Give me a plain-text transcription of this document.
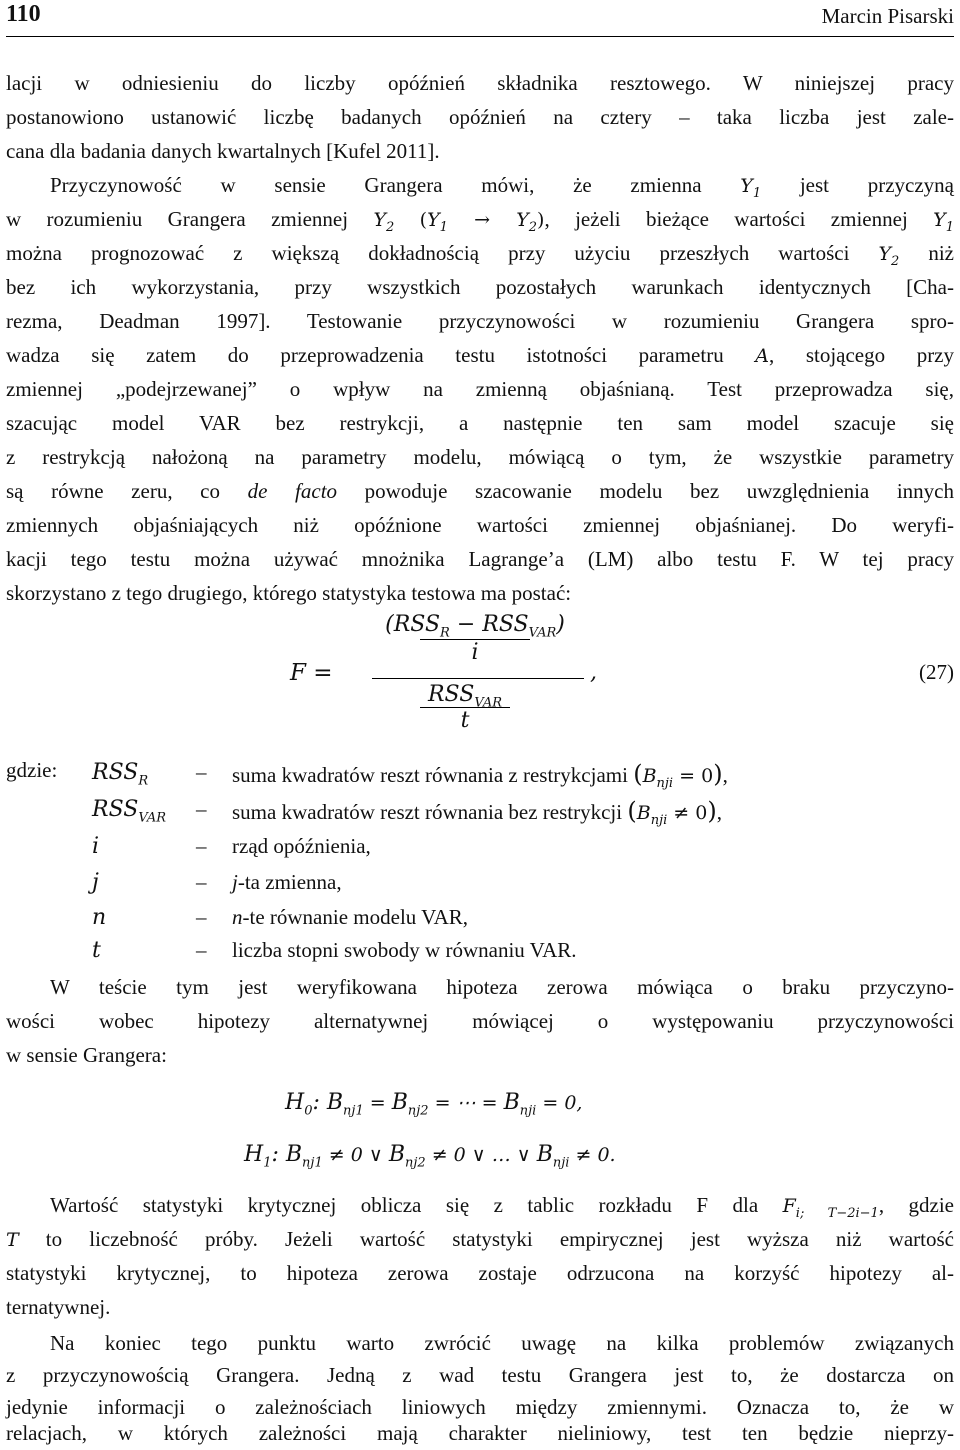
110	Marcin Pisarski
lacji w odniesieniu do liczby opóźnień składnika resztowego. W niniejszej pracy
postanowiono ustanowić liczbę badanych opóźnień na cztery – taka liczba jest zale-
cana dla badania danych kwartalnych [Kufel 2011].
Przyczynowość w sensie Grangera mówi, że zmienna $Y_1$ jest przyczyną
w rozumieniu Grangera zmiennej $Y_2$ $(Y_1 \to Y_2)$, jeżeli bieżące wartości zmiennej $Y_1$
można prognozować z większą dokładnością przy użyciu przeszłych wartości $Y_2$ niż
bez ich wykorzystania, przy wszystkich pozostałych warunkach identycznych [Cha-
rezma, Deadman 1997]. Testowanie przyczynowości w rozumieniu Grangera spro-
wadza się zatem do przeprowadzenia testu istotności parametru A, stojącego przy
zmiennej „podejrzewanej” o wpływ na zmienną objaśnianą. Test przeprowadza się,
szacując model VAR bez restrykcji, a następnie ten sam model szacuje się
z restrykcją nałożoną na parametry modelu, mówiącą o tym, że wszystkie parametry
są równe zeru, co de facto powoduje szacowanie modelu bez uwzględnienia innych
zmiennych objaśniających niż opóźnione wartości zmiennej objaśnianej. Do weryfi-
kacji tego testu można używać mnożnika Lagrange’a (LM) albo testu F. W tej pracy
skorzystano z tego drugiego, którego statystyka testowa ma postać:
F =
$(RSS_R - RSS_{VAR})$
i
,
$RSS_{VAR}$
t
(27)
gdzie: $RSS_R$ – suma kwadratów reszt równania z restrykcjami $(B_{nji} = 0)$,
$RSS_{VAR}$ – suma kwadratów reszt równania bez restrykcji $(B_{nji} \ne 0)$,
i	– rząd opóźnienia,
j	– j-ta zmienna,
n	– n-te równanie modelu VAR,
t	– liczba stopni swobody w równaniu VAR.
W teście tym jest weryfikowana hipoteza zerowa mówiąca o braku przyczyno-
wości wobec hipotezy alternatywnej mówiącej o występowaniu przyczynowości
w sensie Grangera:
$H_0$: $B_{nj1} = B_{nj2}$ = ⋯ = $B_{nji} = 0$,
$H_1$: $B_{nj1} \ne 0$ ∨ $B_{nj2} \ne 0$ ∨ … ∨ $B_{nji} \ne 0$.
Wartość statystyki krytycznej oblicza się z tablic rozkładu F dla $F_{i; T-2i-1}$, gdzie
T to liczebność próby. Jeżeli wartość statystyki empirycznej jest wyższa niż wartość
statystyki krytycznej, to hipoteza zerowa zostaje odrzucona na korzyść hipotezy al-
ternatywnej.
Na koniec tego punktu warto zwrócić uwagę na kilka problemów związanych
z przyczynowością Grangera. Jedną z wad testu Grangera jest to, że dostarcza on
jedynie informacji o zależnościach liniowych między zmiennymi. Oznacza to, że w
relacjach, w których zależności mają charakter nieliniowy, test ten będzie nieprzy-
